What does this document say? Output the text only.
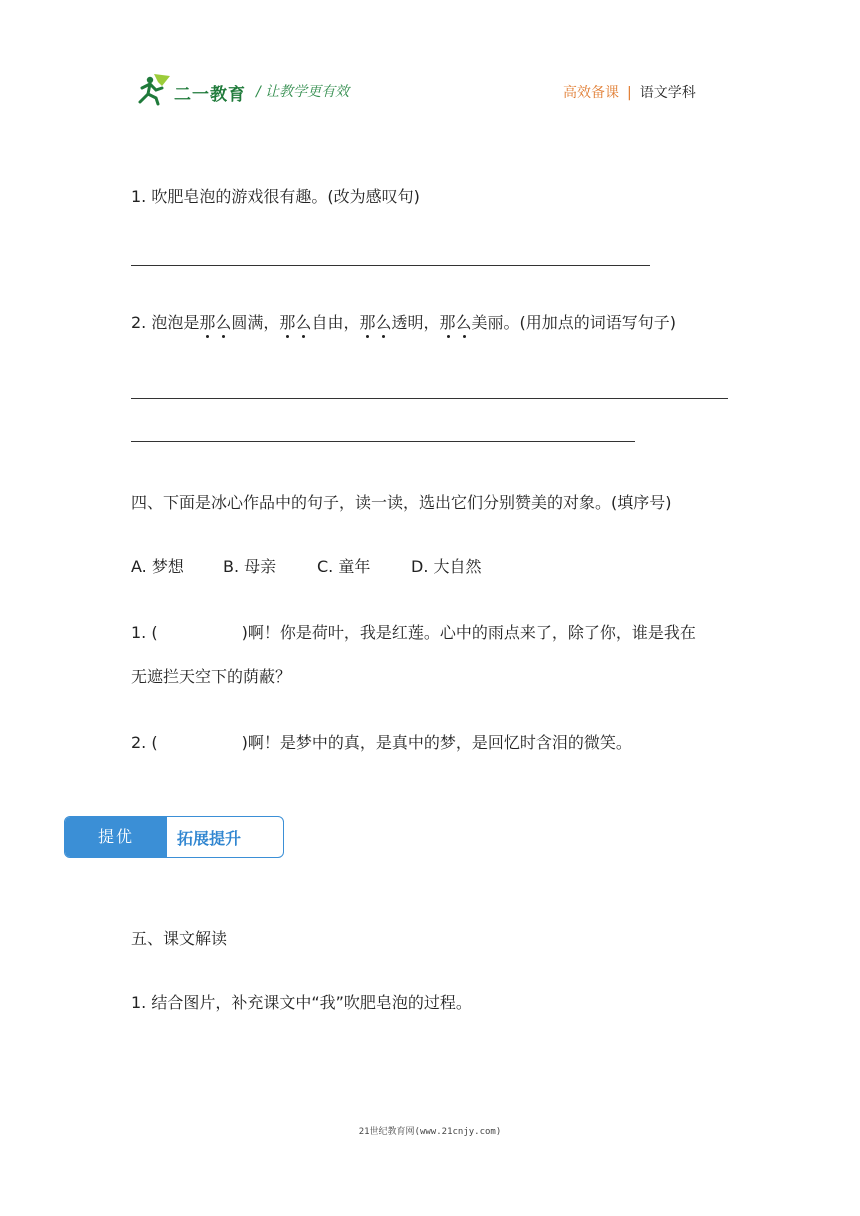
二一教育 / 让教学更有效	高效备课 | 语文学科
1. 吹肥皂泡的游戏很有趣。(改为感叹句)
2. 泡泡是那么圆满，那么自由，那么透明，那么美丽。(用加点的词语写句子)
四、下面是冰心作品中的句子，读一读，选出它们分别赞美的对象。(填序号)
A. 梦想 B. 母亲	C. 童年	D. 大自然
1. (	)啊！你是荷叶，我是红莲。心中的雨点来了，除了你，谁是我在
无遮拦天空下的荫蔽？
2. (	)啊！是梦中的真，是真中的梦，是回忆时含泪的微笑。
提优	拓展提升
五、课文解读
1. 结合图片，补充课文中“我”吹肥皂泡的过程。
21世纪教育网(www.21cnjy.com)
